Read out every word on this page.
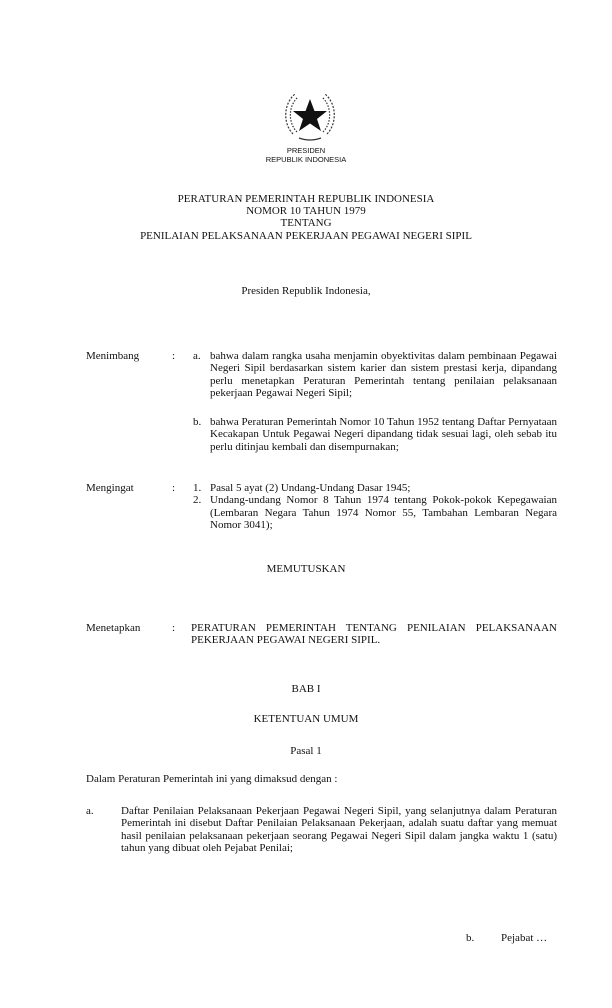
PRESIDEN
REPUBLIK INDONESIA
PERATURAN PEMERINTAH REPUBLIK INDONESIA
NOMOR 10 TAHUN 1979
TENTANG
PENILAIAN PELAKSANAAN PEKERJAAN PEGAWAI NEGERI SIPIL
Presiden Republik Indonesia,
Menimbang	: a. bahwa dalam rangka usaha menjamin obyektivitas dalam pembinaan Pegawai Negeri Sipil berdasarkan sistem karier dan sistem prestasi kerja, dipandang perlu menetapkan Peraturan Pemerintah tentang penilaian pelaksanaan pekerjaan Pegawai Negeri Sipil;
b. bahwa Peraturan Pemerintah Nomor 10 Tahun 1952 tentang Daftar Pernyataan Kecakapan Untuk Pegawai Negeri dipandang tidak sesuai lagi, oleh sebab itu perlu ditinjau kembali dan disempurnakan;
Mengingat	: 1. Pasal 5 ayat (2) Undang-Undang Dasar 1945;
2. Undang-undang Nomor 8 Tahun 1974 tentang Pokok-pokok Kepegawaian (Lembaran Negara Tahun 1974 Nomor 55, Tambahan Lembaran Negara Nomor 3041);
MEMUTUSKAN
Menetapkan	: PERATURAN PEMERINTAH TENTANG PENILAIAN PELAKSANAAN PEKERJAAN PEGAWAI NEGERI SIPIL.
BAB I
KETENTUAN UMUM
Pasal 1
Dalam Peraturan Pemerintah ini yang dimaksud dengan :
a. Daftar Penilaian Pelaksanaan Pekerjaan Pegawai Negeri Sipil, yang selanjutnya dalam Peraturan Pemerintah ini disebut Daftar Penilaian Pelaksanaan Pekerjaan, adalah suatu daftar yang memuat hasil penilaian pelaksanaan pekerjaan seorang Pegawai Negeri Sipil dalam jangka waktu 1 (satu) tahun yang dibuat oleh Pejabat Penilai;
b. Pejabat …
